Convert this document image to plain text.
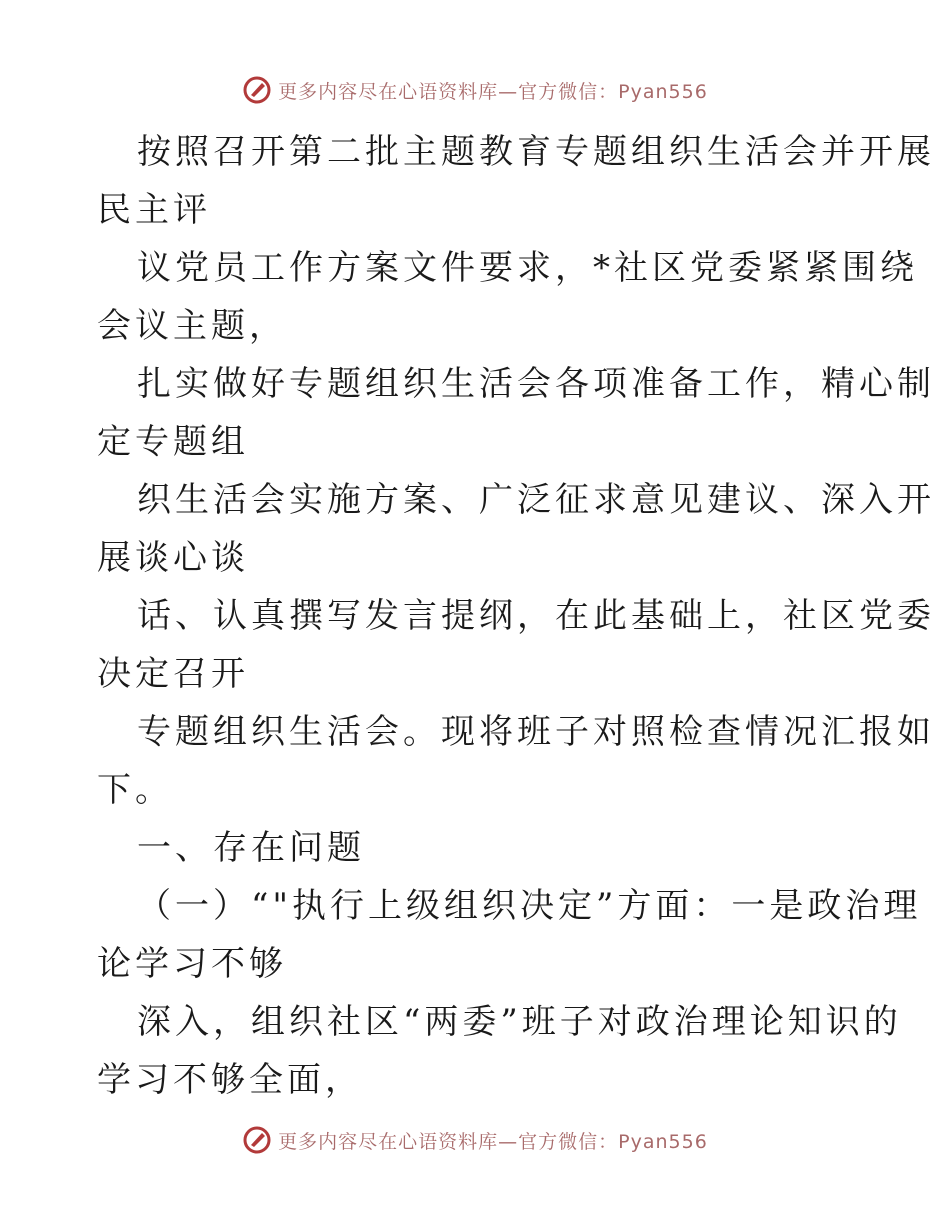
更多内容尽在心语资料库—官方微信：Pyan556

按照召开第二批主题教育专题组织生活会并开展
民主评

议党员工作方案文件要求，*社区党委紧紧围绕
会议主题，

扎实做好专题组织生活会各项准备工作，精心制
定专题组

织生活会实施方案、广泛征求意见建议、深入开
展谈心谈

话、认真撰写发言提纲，在此基础上，社区党委
决定召开

专题组织生活会。现将班子对照检查情况汇报如
下。

一、存在问题

（一）“"执行上级组织决定”方面：一是政治理
论学习不够

深入，组织社区“两委”班子对政治理论知识的
学习不够全面，

更多内容尽在心语资料库—官方微信：Pyan556
